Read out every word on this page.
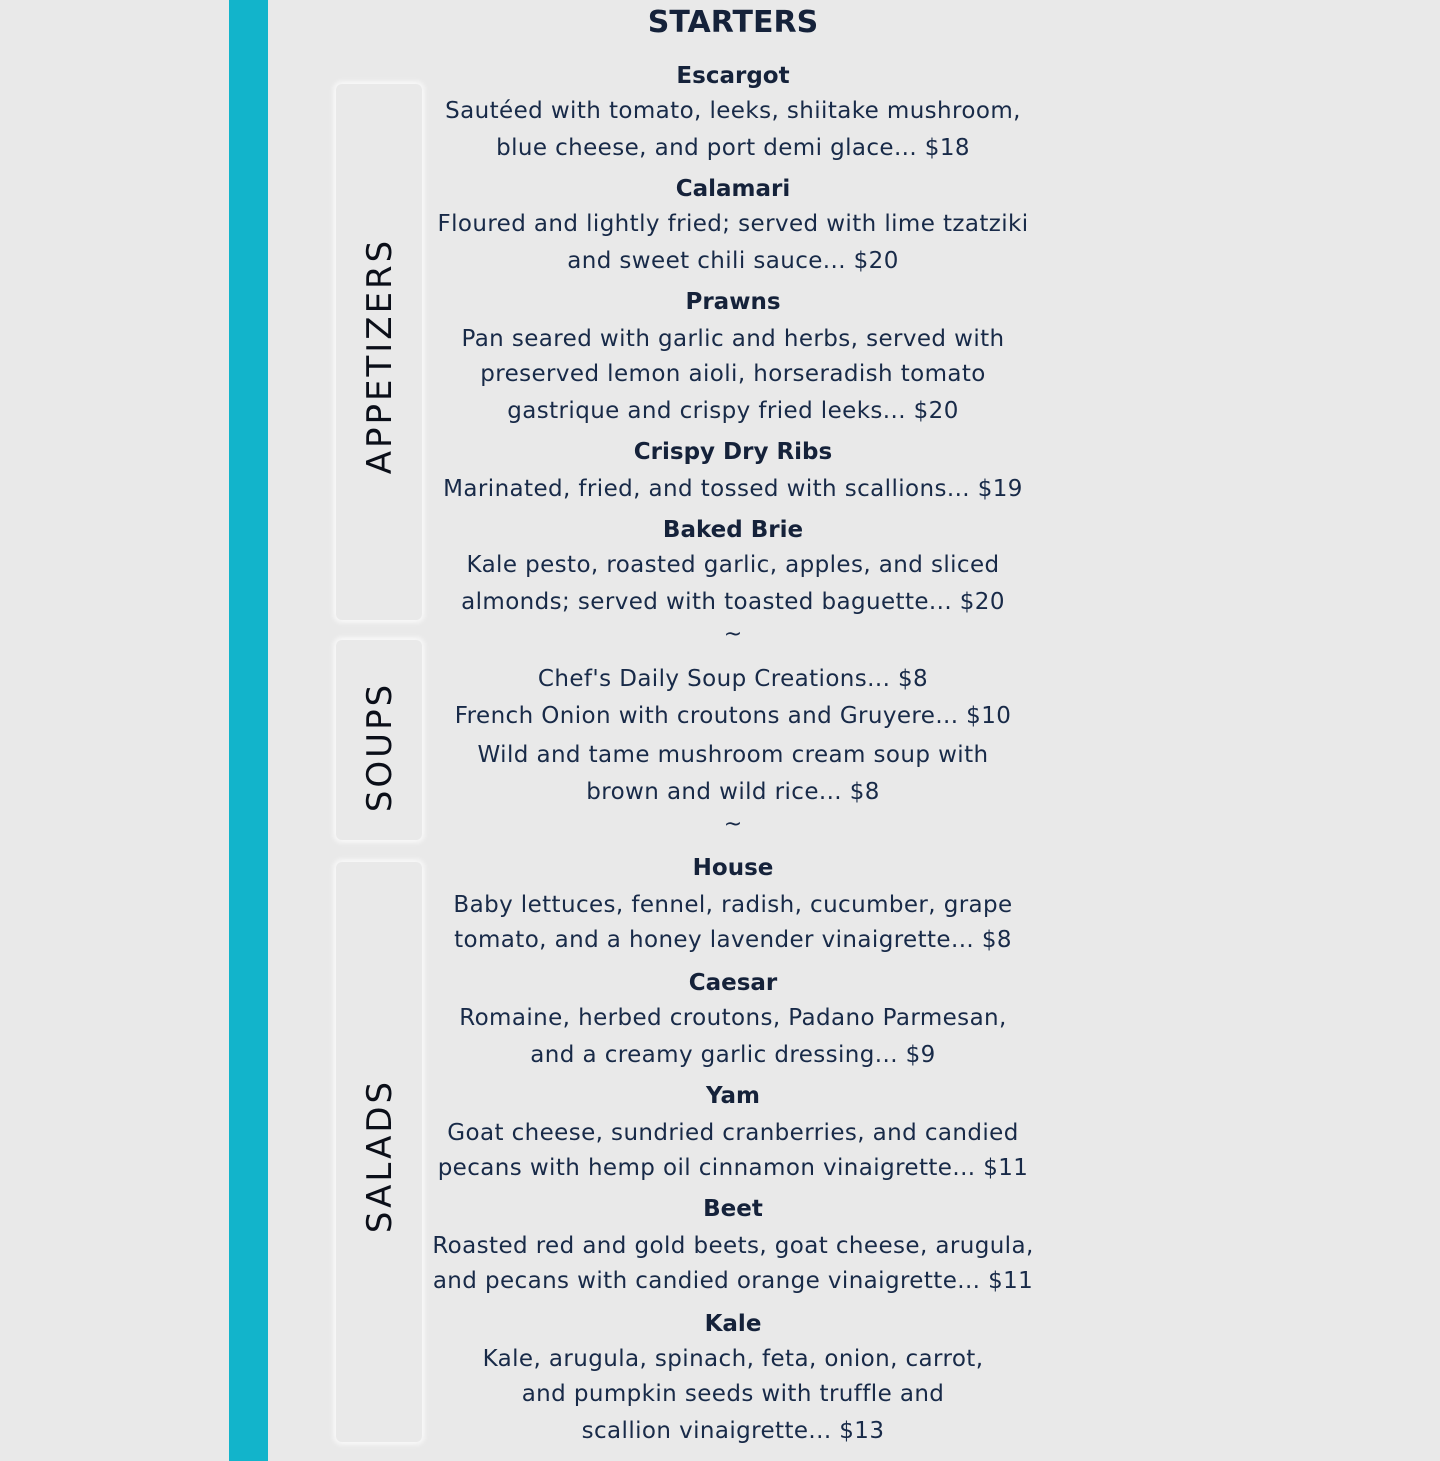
APPETIZERS
SOUPS
SALADS
STARTERS
Escargot
Sautéed with tomato, leeks, shiitake mushroom,
blue cheese, and port demi glace... $18
Calamari
Floured and lightly fried; served with lime tzatziki
and sweet chili sauce... $20
Prawns
Pan seared with garlic and herbs, served with
preserved lemon aioli, horseradish tomato
gastrique and crispy fried leeks... $20
Crispy Dry Ribs
Marinated, fried, and tossed with scallions... $19
Baked Brie
Kale pesto, roasted garlic, apples, and sliced
almonds; served with toasted baguette... $20
~
Chef's Daily Soup Creations... $8
French Onion with croutons and Gruyere... $10
Wild and tame mushroom cream soup with
brown and wild rice... $8
~
House
Baby lettuces, fennel, radish, cucumber, grape
tomato, and a honey lavender vinaigrette... $8
Caesar
Romaine, herbed croutons, Padano Parmesan,
and a creamy garlic dressing... $9
Yam
Goat cheese, sundried cranberries, and candied
pecans with hemp oil cinnamon vinaigrette... $11
Beet
Roasted red and gold beets, goat cheese, arugula,
and pecans with candied orange vinaigrette... $11
Kale
Kale, arugula, spinach, feta, onion, carrot,
and pumpkin seeds with truffle and
scallion vinaigrette... $13
